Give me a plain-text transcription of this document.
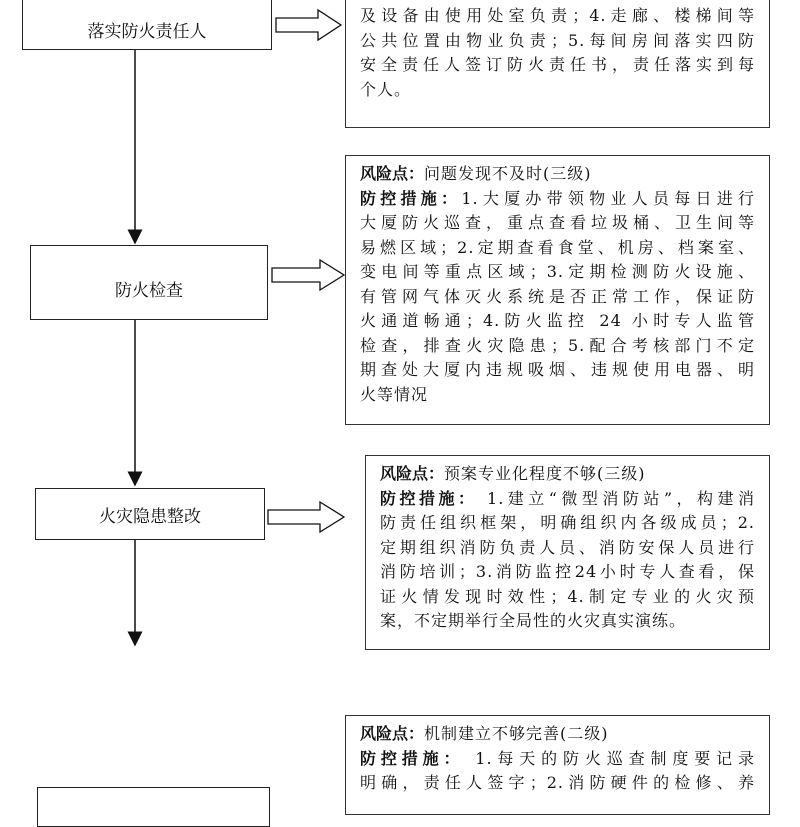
落实防火责任人
防火检查
火灾隐患整改
及设备由使用处室负责；4.走廊、楼梯间等
公共位置由物业负责；5.每间房间落实四防
安全责任人签订防火责任书，责任落实到每
个人。
风险点：问题发现不及时(三级)
防控措施：1.大厦办带领物业人员每日进行
大厦防火巡查，重点查看垃圾桶、卫生间等
易燃区域；2.定期查看食堂、机房、档案室、
变电间等重点区域；3.定期检测防火设施、
有管网气体灭火系统是否正常工作，保证防
火通道畅通；4.防火监控 24 小时专人监管
检查，排查火灾隐患；5.配合考核部门不定
期查处大厦内违规吸烟、违规使用电器、明
火等情况
风险点：预案专业化程度不够(三级)
防控措施： 1.建立“微型消防站”，构建消
防责任组织框架，明确组织内各级成员；2.
定期组织消防负责人员、消防安保人员进行
消防培训；3.消防监控24小时专人查看，保
证火情发现时效性；4.制定专业的火灾预
案，不定期举行全局性的火灾真实演练。
风险点：机制建立不够完善(二级)
防控措施： 1.每天的防火巡查制度要记录
明确，责任人签字；2.消防硬件的检修、养
